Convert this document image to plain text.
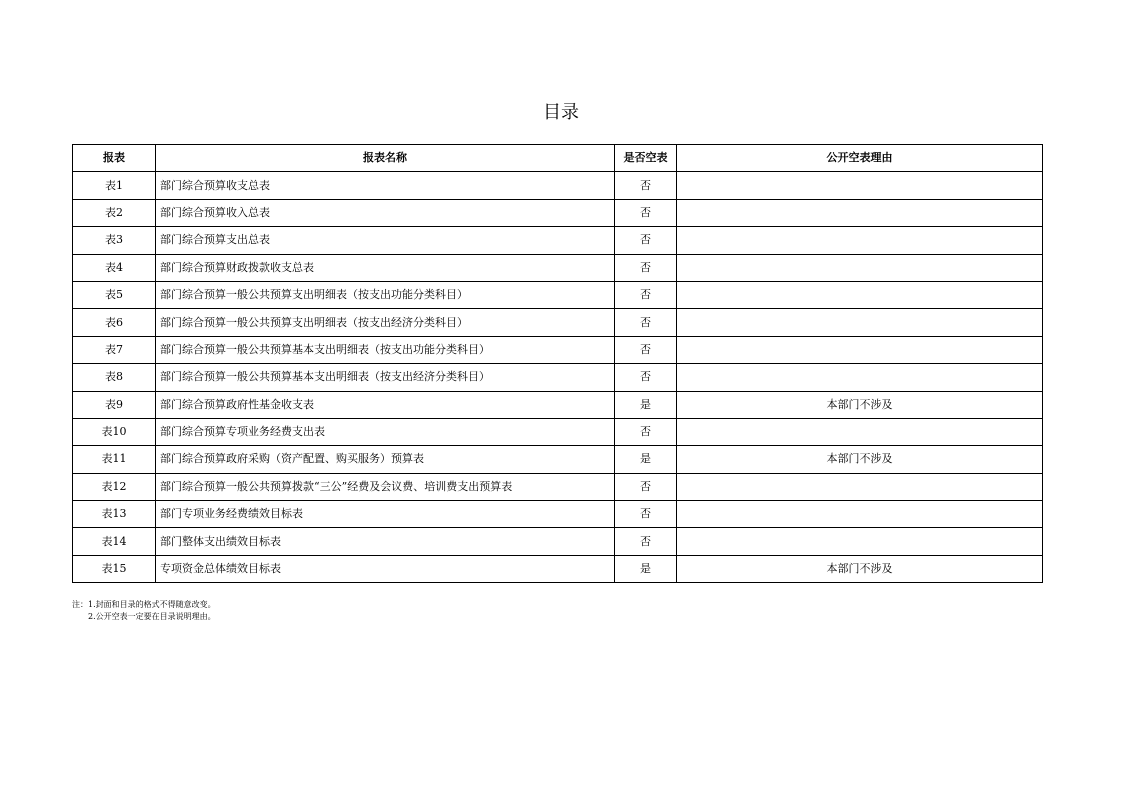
目录
报表	报表名称	是否空表	公开空表理由
表1	部门综合预算收支总表	否	
表2	部门综合预算收入总表	否	
表3	部门综合预算支出总表	否	
表4	部门综合预算财政拨款收支总表	否	
表5	部门综合预算一般公共预算支出明细表（按支出功能分类科目）	否	
表6	部门综合预算一般公共预算支出明细表（按支出经济分类科目）	否	
表7	部门综合预算一般公共预算基本支出明细表（按支出功能分类科目）	否	
表8	部门综合预算一般公共预算基本支出明细表（按支出经济分类科目）	否	
表9	部门综合预算政府性基金收支表	是	本部门不涉及
表10	部门综合预算专项业务经费支出表	否	
表11	部门综合预算政府采购（资产配置、购买服务）预算表	是	本部门不涉及
表12	部门综合预算一般公共预算拨款“三公”经费及会议费、培训费支出预算表	否	
表13	部门专项业务经费绩效目标表	否	
表14	部门整体支出绩效目标表	否	
表15	专项资金总体绩效目标表	是	本部门不涉及
注：1.封面和目录的格式不得随意改变。
2.公开空表一定要在目录说明理由。
